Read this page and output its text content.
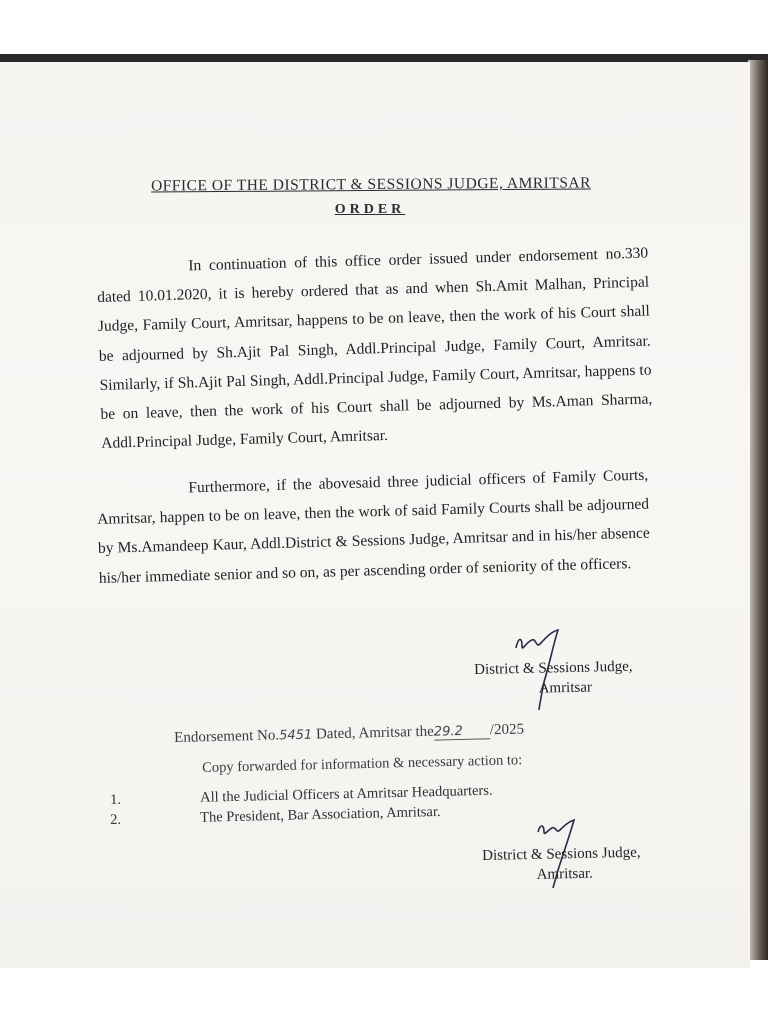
OFFICE OF THE DISTRICT & SESSIONS JUDGE, AMRITSAR
ORDER

In continuation of this office order issued under endorsement no.330 dated 10.01.2020, it is hereby ordered that as and when Sh.Amit Malhan, Principal Judge, Family Court, Amritsar, happens to be on leave, then the work of his Court shall be adjourned by Sh.Ajit Pal Singh, Addl.Principal Judge, Family Court, Amritsar. Similarly, if Sh.Ajit Pal Singh, Addl.Principal Judge, Family Court, Amritsar, happens to be on leave, then the work of his Court shall be adjourned by Ms.Aman Sharma, Addl.Principal Judge, Family Court, Amritsar.

Furthermore, if the abovesaid three judicial officers of Family Courts, Amritsar, happen to be on leave, then the work of said Family Courts shall be adjourned by Ms.Amandeep Kaur, Addl.District & Sessions Judge, Amritsar and in his/her absence his/her immediate senior and so on, as per ascending order of seniority of the officers.

District & Sessions Judge,
Amritsar
Endorsement No.5451 Dated, Amritsar the29.2 /2025
Copy forwarded for information & necessary action to:
1.	All the Judicial Officers at Amritsar Headquarters.
2.	The President, Bar Association, Amritsar.
District & Sessions Judge,
Amritsar.
